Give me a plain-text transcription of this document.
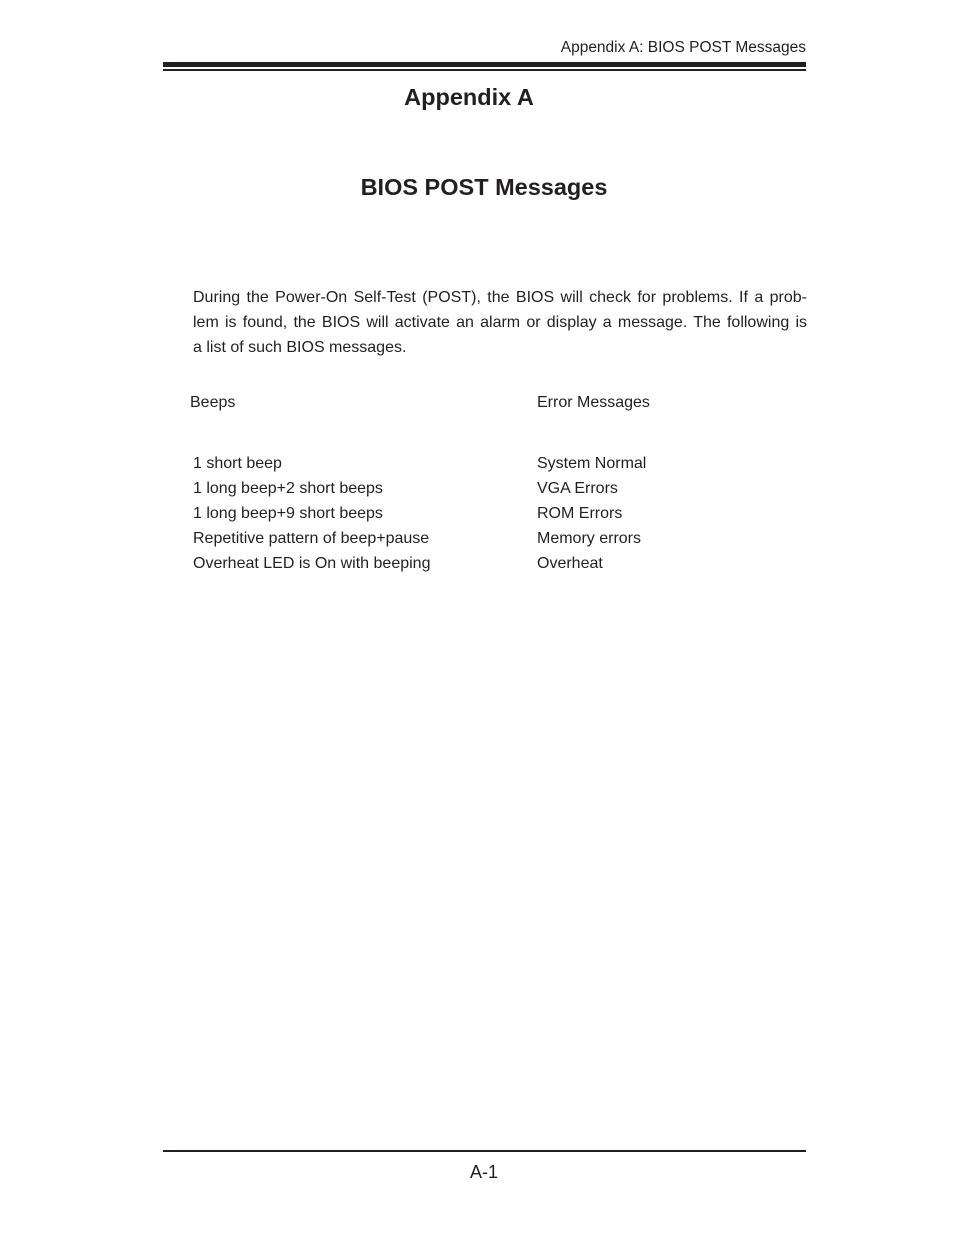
Appendix A: BIOS POST Messages
Appendix A
BIOS POST Messages

During the Power-On Self-Test (POST), the BIOS will check for problems. If a prob-
lem is found, the BIOS will activate an alarm or display a message. The following is
a list of such BIOS messages.

Beeps	Error Messages
1 short beep	System Normal
1 long beep+2 short beeps	VGA Errors
1 long beep+9 short beeps	ROM Errors
Repetitive pattern of beep+pause	Memory errors
Overheat LED is On with beeping	Overheat
A-1
